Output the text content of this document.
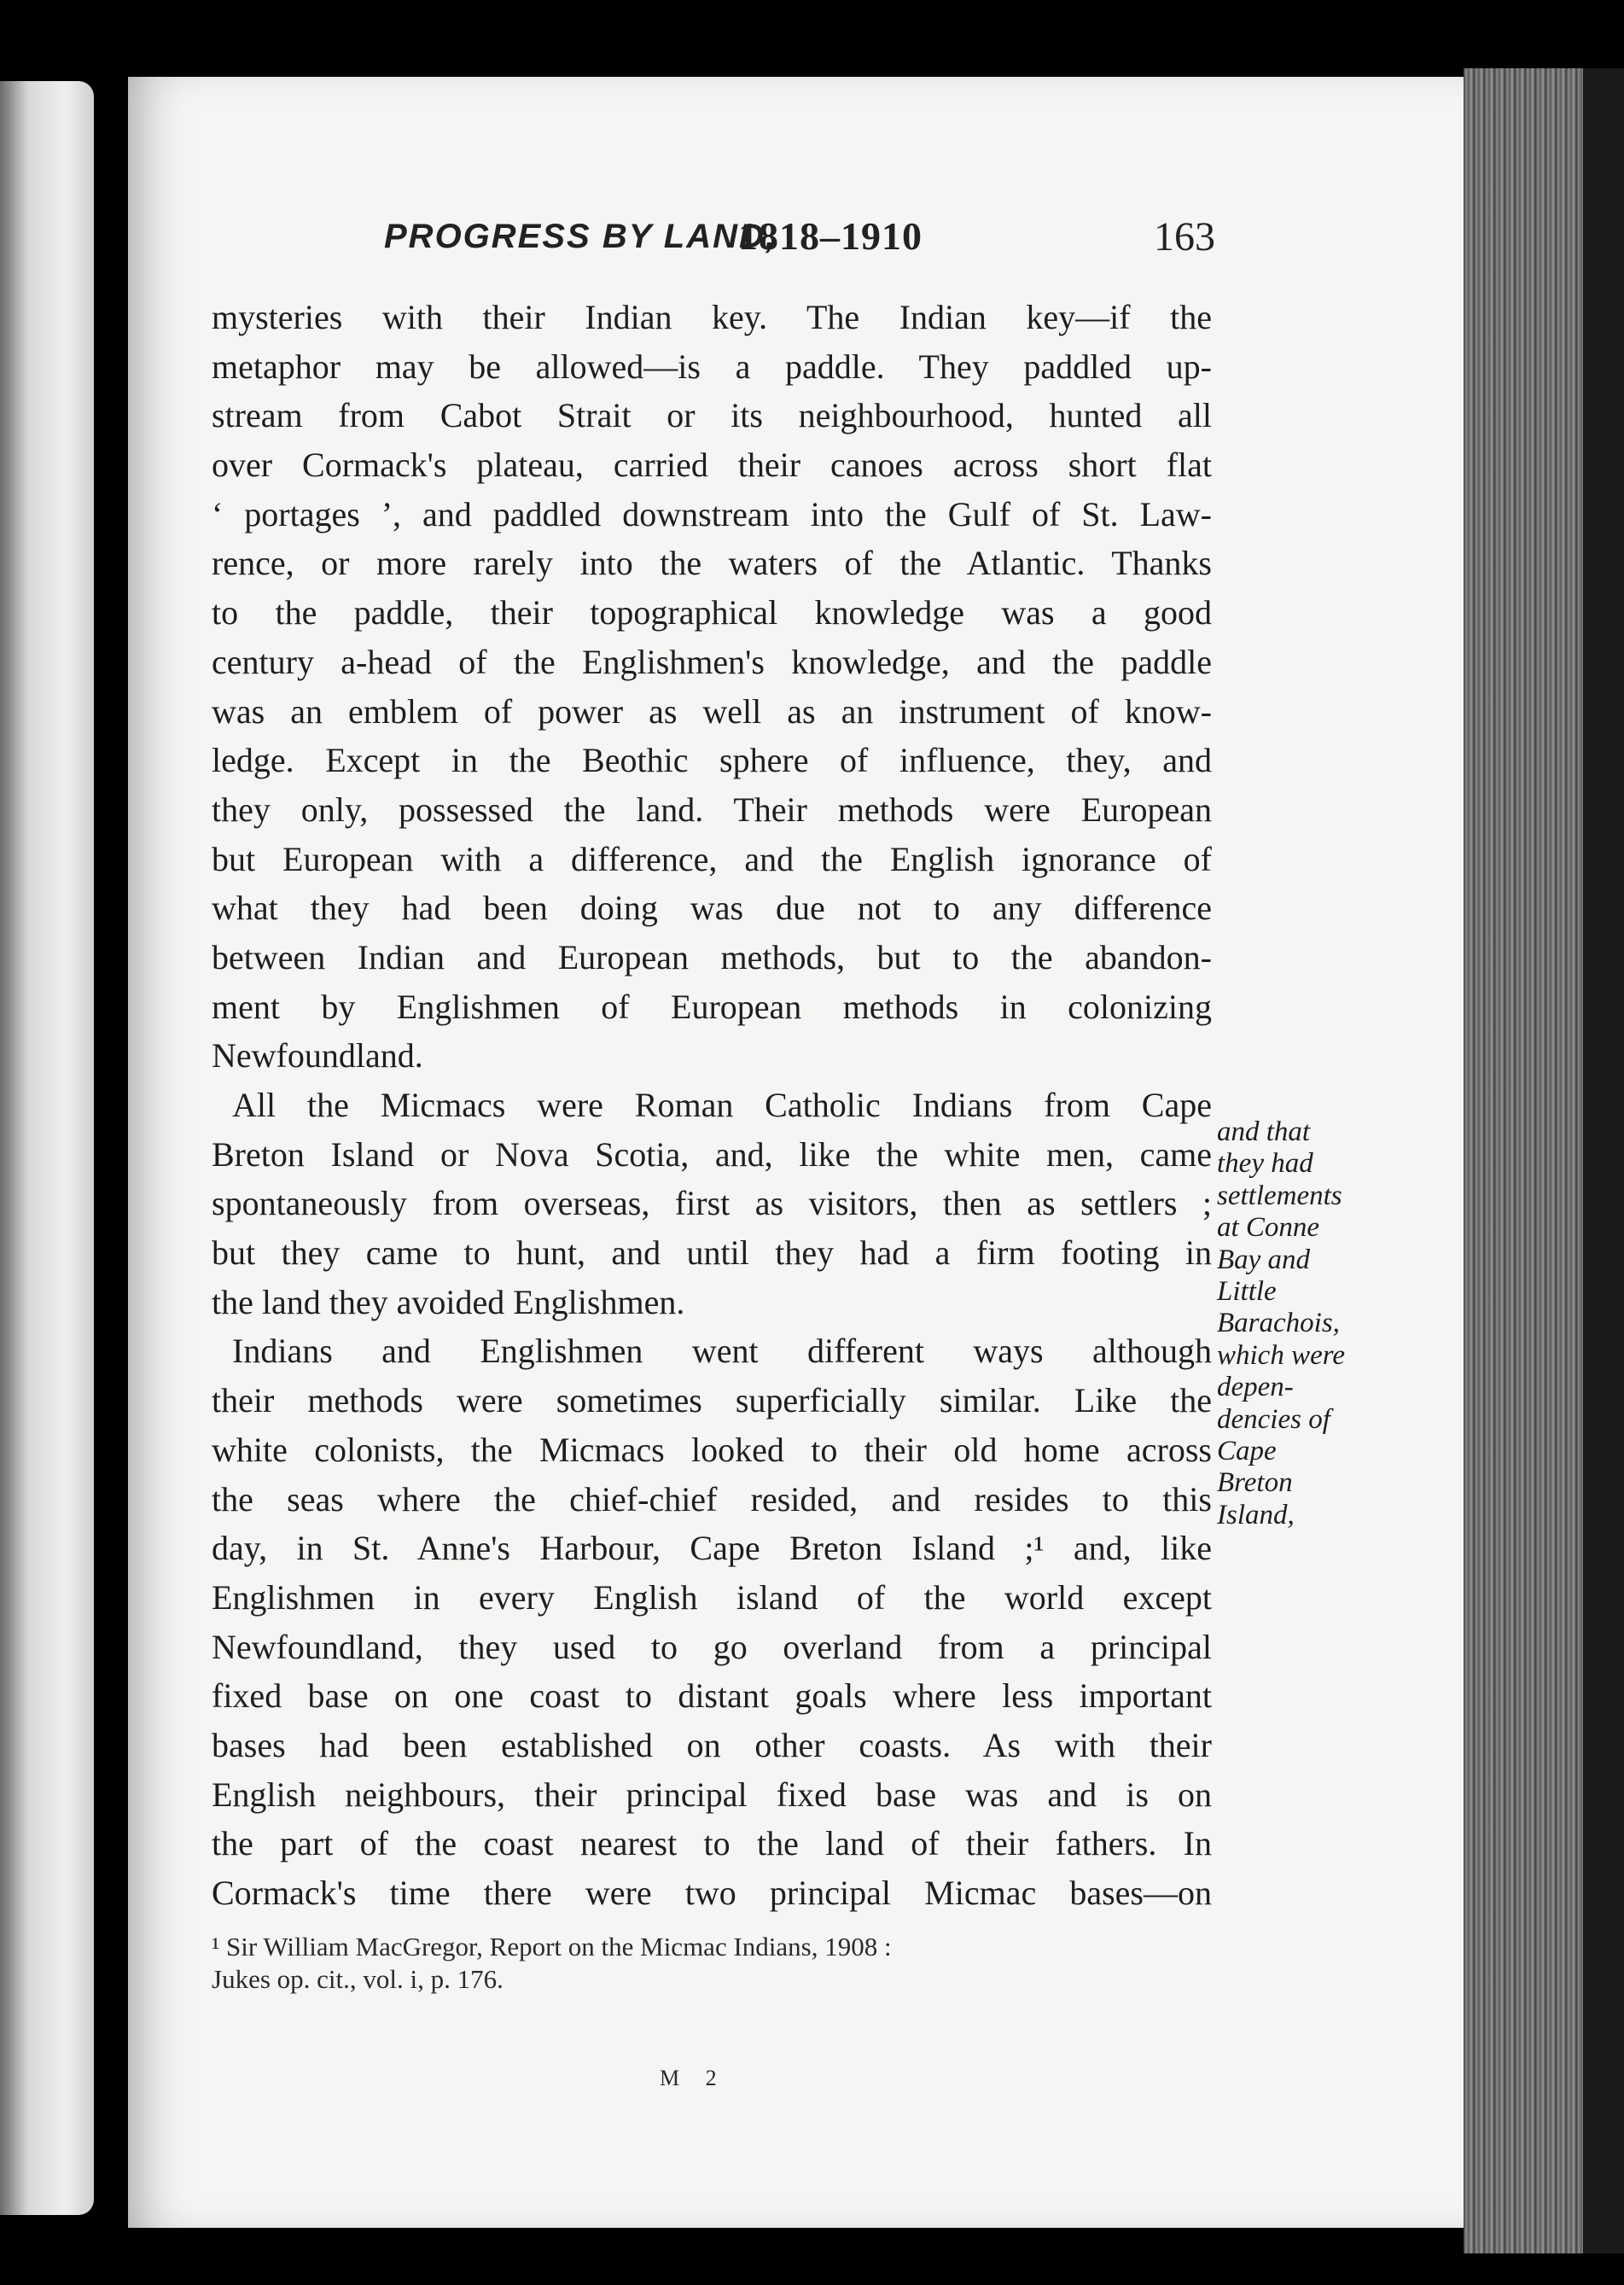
PROGRESS BY LAND,
1818–1910	163
mysteries with their Indian key. The Indian key—if the
metaphor may be allowed—is a paddle. They paddled up-
stream from Cabot Strait or its neighbourhood, hunted all
over Cormack's plateau, carried their canoes across short flat
‘ portages ’, and paddled downstream into the Gulf of St. Law-
rence, or more rarely into the waters of the Atlantic. Thanks
to the paddle, their topographical knowledge was a good
century a-head of the Englishmen's knowledge, and the paddle
was an emblem of power as well as an instrument of know-
ledge. Except in the Beothic sphere of influence, they, and
they only, possessed the land. Their methods were European
but European with a difference, and the English ignorance of
what they had been doing was due not to any difference
between Indian and European methods, but to the abandon-
ment by Englishmen of European methods in colonizing
Newfoundland.
All the Micmacs were Roman Catholic Indians from Cape
Breton Island or Nova Scotia, and, like the white men, came
spontaneously from overseas, first as visitors, then as settlers ;
but they came to hunt, and until they had a firm footing in
the land they avoided Englishmen.
Indians and Englishmen went different ways although
their methods were sometimes superficially similar. Like the
white colonists, the Micmacs looked to their old home across
the seas where the chief-chief resided, and resides to this
day, in St. Anne's Harbour, Cape Breton Island ;¹ and, like
Englishmen in every English island of the world except
Newfoundland, they used to go overland from a principal
fixed base on one coast to distant goals where less important
bases had been established on other coasts. As with their
English neighbours, their principal fixed base was and is on
the part of the coast nearest to the land of their fathers. In
Cormack's time there were two principal Micmac bases—on
and that
they had
settlements
at Conne
Bay and
Little
Barachois,
which were
depen-
dencies of
Cape
Breton
Island,
¹ Sir William MacGregor, Report on the Micmac Indians, 1908 :
Jukes op. cit., vol. i, p. 176.
M 2
